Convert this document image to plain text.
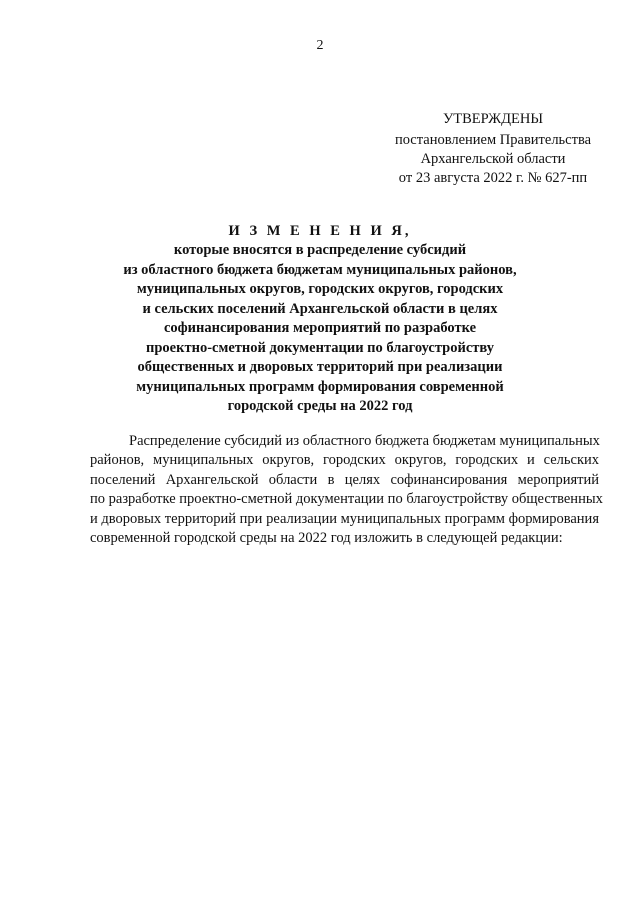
2
УТВЕРЖДЕНЫ
постановлением Правительства
Архангельской области
от 23 августа 2022 г. № 627-пп
И З М Е Н Е Н И Я,
которые вносятся в распределение субсидий
из областного бюджета бюджетам муниципальных районов,
муниципальных округов, городских округов, городских
и сельских поселений Архангельской области в целях
софинансирования мероприятий по разработке
проектно-сметной документации по благоустройству
общественных и дворовых территорий при реализации
муниципальных программ формирования современной
городской среды на 2022 год
Распределение субсидий из областного бюджета бюджетам муниципальных
районов, муниципальных округов, городских округов, городских и сельских
поселений Архангельской области в целях софинансирования мероприятий
по разработке проектно-сметной документации по благоустройству общественных
и дворовых территорий при реализации муниципальных программ формирования
современной городской среды на 2022 год изложить в следующей редакции:
